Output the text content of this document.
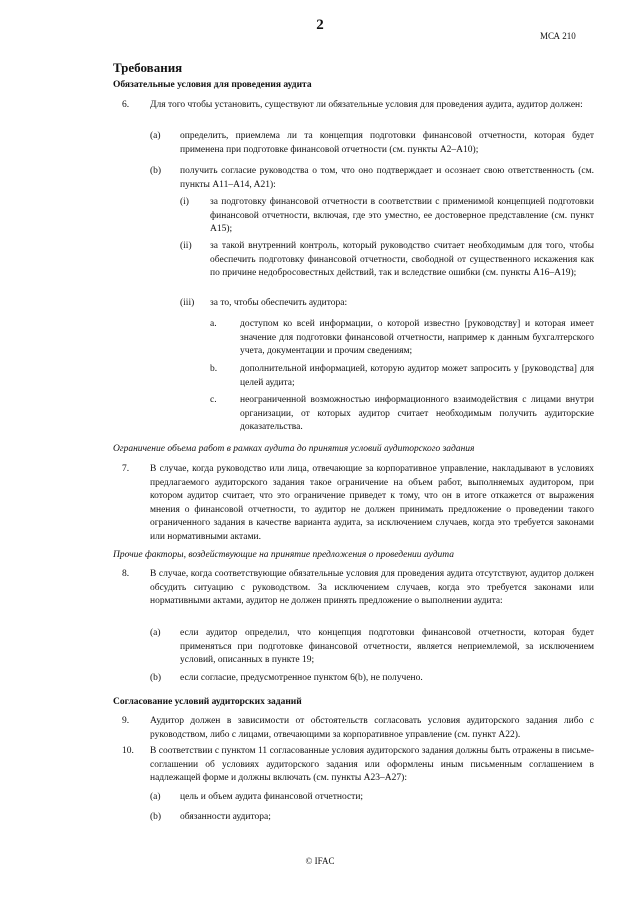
2
МСА 210
Требования
Обязательные условия для проведения аудита
6. Для того чтобы установить, существуют ли обязательные условия для проведения аудита, аудитор должен:
(a) определить, приемлема ли та концепция подготовки финансовой отчетности, которая будет применена при подготовке финансовой отчетности (см. пункты A2–A10);
(b) получить согласие руководства о том, что оно подтверждает и осознает свою ответственность (см. пункты A11–A14, A21):
(i) за подготовку финансовой отчетности в соответствии с применимой концепцией подготовки финансовой отчетности, включая, где это уместно, ее достоверное представление (см. пункт A15);
(ii) за такой внутренний контроль, который руководство считает необходимым для того, чтобы обеспечить подготовку финансовой отчетности, свободной от существенного искажения как по причине недобросовестных действий, так и вследствие ошибки (см. пункты A16–A19);
(iii) за то, чтобы обеспечить аудитора:
a. доступом ко всей информации, о которой известно [руководству] и которая имеет значение для подготовки финансовой отчетности, например к данным бухгалтерского учета, документации и прочим сведениям;
b. дополнительной информацией, которую аудитор может запросить у [руководства] для целей аудита;
c. неограниченной возможностью информационного взаимодействия с лицами внутри организации, от которых аудитор считает необходимым получить аудиторские доказательства.
Ограничение объема работ в рамках аудита до принятия условий аудиторского задания
7. В случае, когда руководство или лица, отвечающие за корпоративное управление, накладывают в условиях предлагаемого аудиторского задания такое ограничение на объем работ, выполняемых аудитором, при котором аудитор считает, что это ограничение приведет к тому, что он в итоге откажется от выражения мнения о финансовой отчетности, то аудитор не должен принимать предложение о проведении такого ограниченного задания в качестве варианта аудита, за исключением случаев, когда это требуется законами или нормативными актами.
Прочие факторы, воздействующие на принятие предложения о проведении аудита
8. В случае, когда соответствующие обязательные условия для проведения аудита отсутствуют, аудитор должен обсудить ситуацию с руководством. За исключением случаев, когда это требуется законами или нормативными актами, аудитор не должен принять предложение о выполнении аудита:
(a) если аудитор определил, что концепция подготовки финансовой отчетности, которая будет применяться при подготовке финансовой отчетности, является неприемлемой, за исключением условий, описанных в пункте 19;
(b) если согласие, предусмотренное пунктом 6(b), не получено.
Согласование условий аудиторских заданий
9. Аудитор должен в зависимости от обстоятельств согласовать условия аудиторского задания либо с руководством, либо с лицами, отвечающими за корпоративное управление (см. пункт A22).
10. В соответствии с пунктом 11 согласованные условия аудиторского задания должны быть отражены в письме-соглашении об условиях аудиторского задания или оформлены иным письменным соглашением в надлежащей форме и должны включать (см. пункты A23–A27):
(a) цель и объем аудита финансовой отчетности;
(b) обязанности аудитора;
© IFAC
